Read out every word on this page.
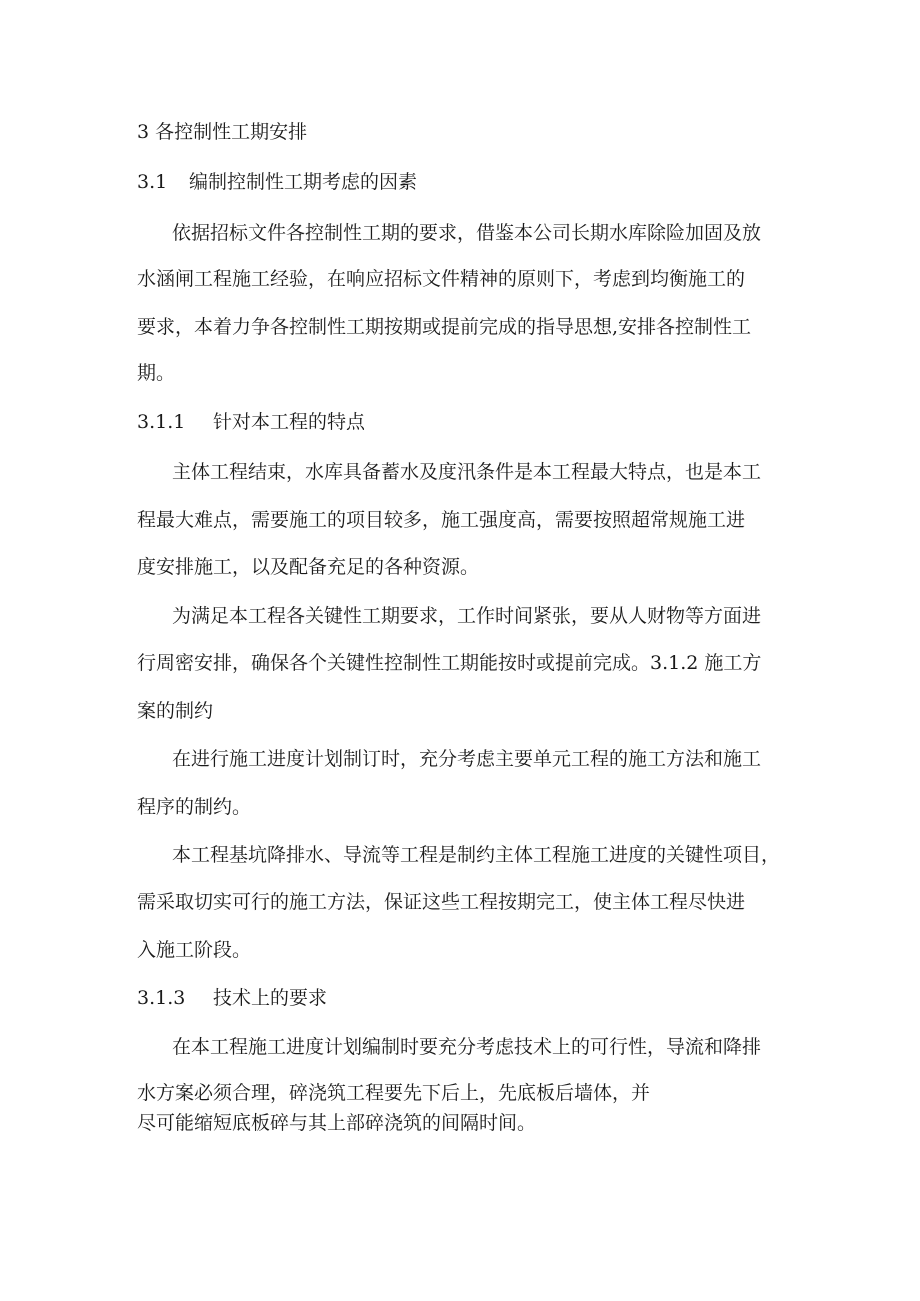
3 各控制性工期安排

3.1 编制控制性工期考虑的因素

依据招标文件各控制性工期的要求，借鉴本公司长期水库除险加固及放

水涵闸工程施工经验，在响应招标文件精神的原则下，考虑到均衡施工的

要求，本着力争各控制性工期按期或提前完成的指导思想,安排各控制性工

期。

3.1.1 针对本工程的特点

主体工程结束，水库具备蓄水及度汛条件是本工程最大特点，也是本工

程最大难点，需要施工的项目较多，施工强度高，需要按照超常规施工进

度安排施工，以及配备充足的各种资源。

为满足本工程各关键性工期要求，工作时间紧张，要从人财物等方面进

行周密安排，确保各个关键性控制性工期能按时或提前完成。3.1.2 施工方

案的制约

在进行施工进度计划制订时，充分考虑主要单元工程的施工方法和施工

程序的制约。

本工程基坑降排水、导流等工程是制约主体工程施工进度的关键性项目，

需采取切实可行的施工方法，保证这些工程按期完工，使主体工程尽快进

入施工阶段。

3.1.3 技术上的要求

在本工程施工进度计划编制时要充分考虑技术上的可行性，导流和降排

水方案必须合理，碎浇筑工程要先下后上，先底板后墙体，并

尽可能缩短底板碎与其上部碎浇筑的间隔时间。
